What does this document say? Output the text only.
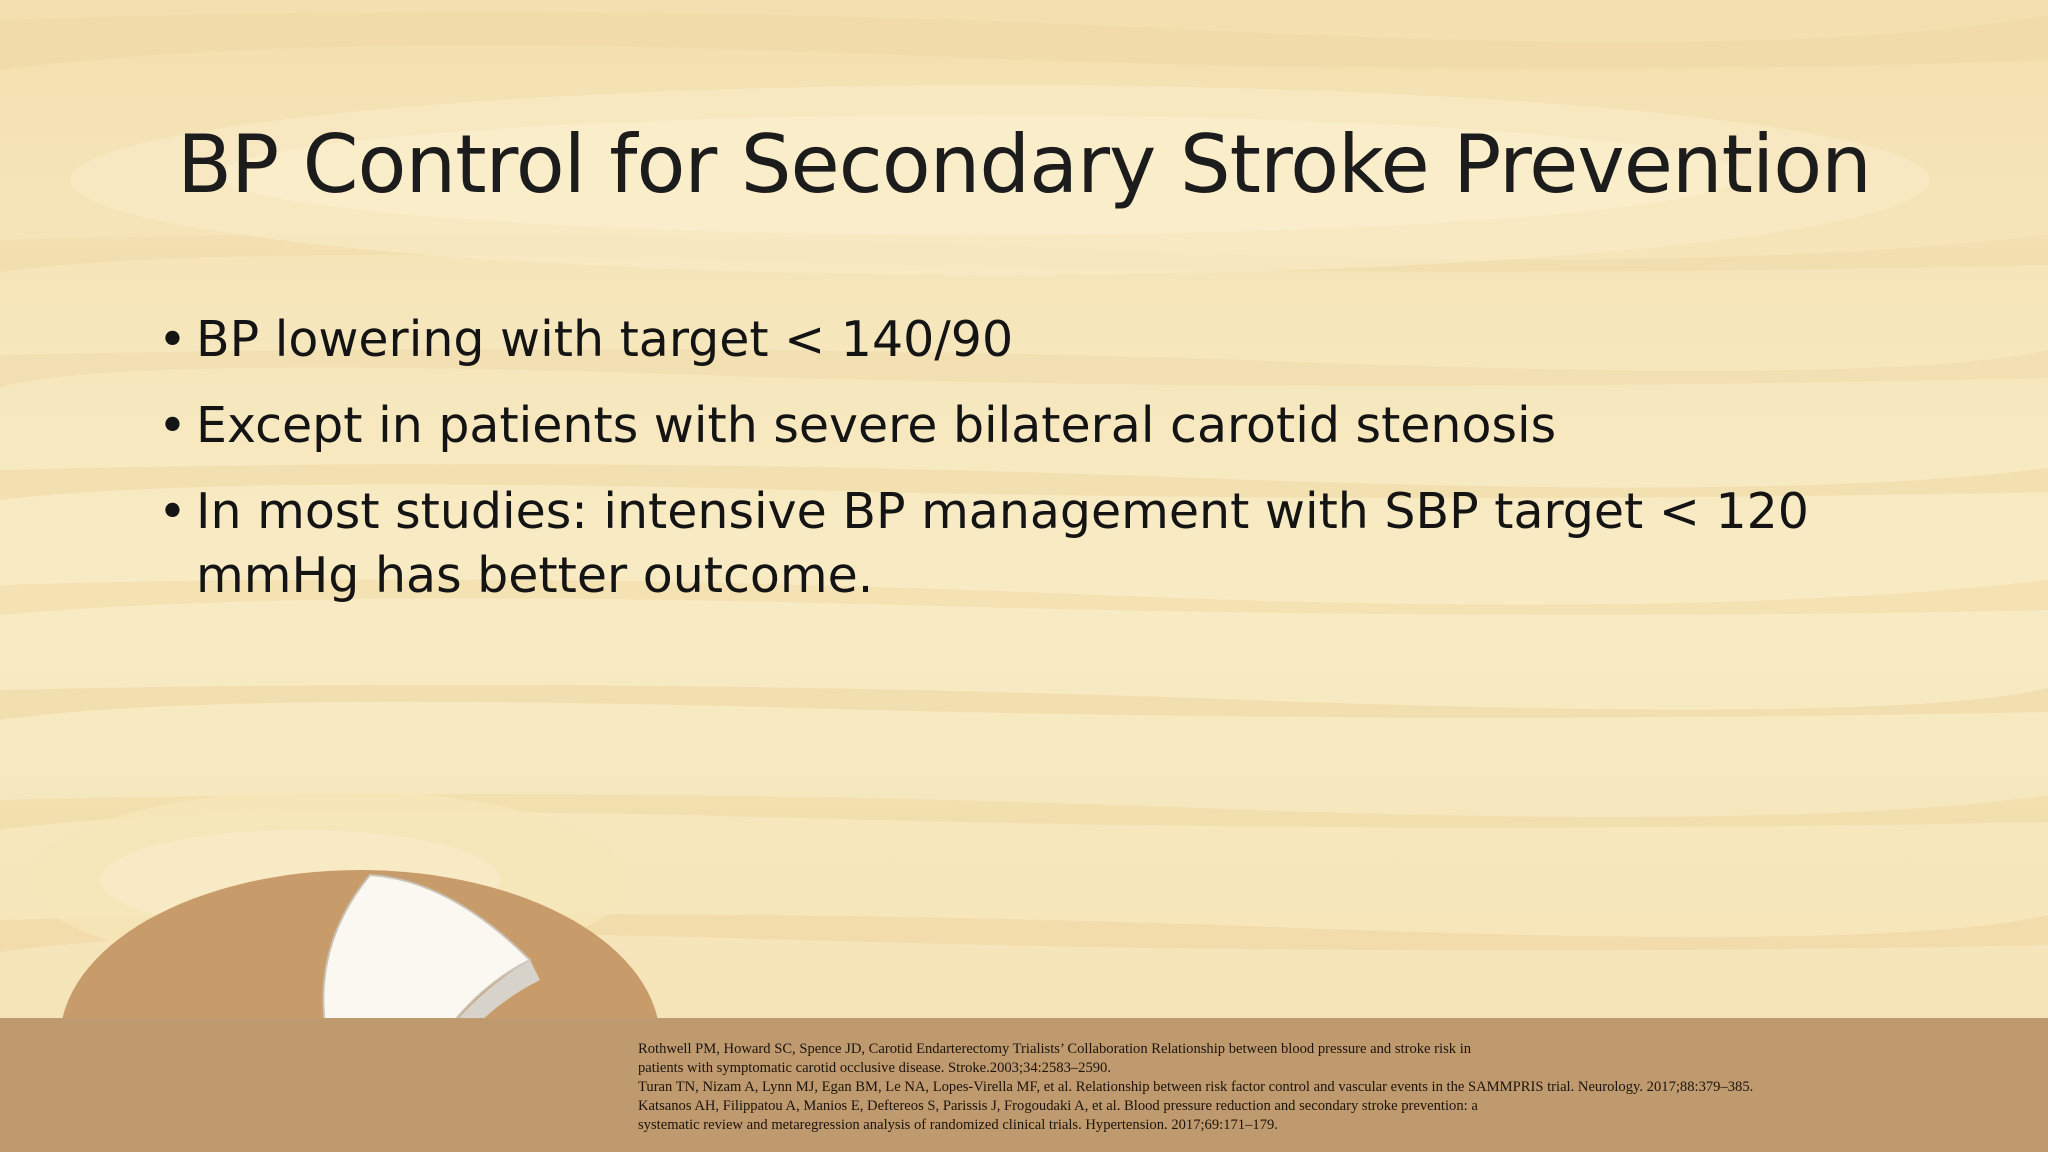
BP Control for Secondary Stroke Prevention
• BP lowering with target < 140/90
• Except in patients with severe bilateral carotid stenosis
• In most studies: intensive BP management with SBP target < 120 mmHg has better outcome.
Rothwell PM, Howard SC, Spence JD, Carotid Endarterectomy Trialists’ Collaboration Relationship between blood pressure and stroke risk in
patients with symptomatic carotid occlusive disease. Stroke.2003;34:2583–2590.
Turan TN, Nizam A, Lynn MJ, Egan BM, Le NA, Lopes-Virella MF, et al. Relationship between risk factor control and vascular events in the SAMMPRIS trial. Neurology. 2017;88:379–385.
Katsanos AH, Filippatou A, Manios E, Deftereos S, Parissis J, Frogoudaki A, et al. Blood pressure reduction and secondary stroke prevention: a
systematic review and metaregression analysis of randomized clinical trials. Hypertension. 2017;69:171–179.
